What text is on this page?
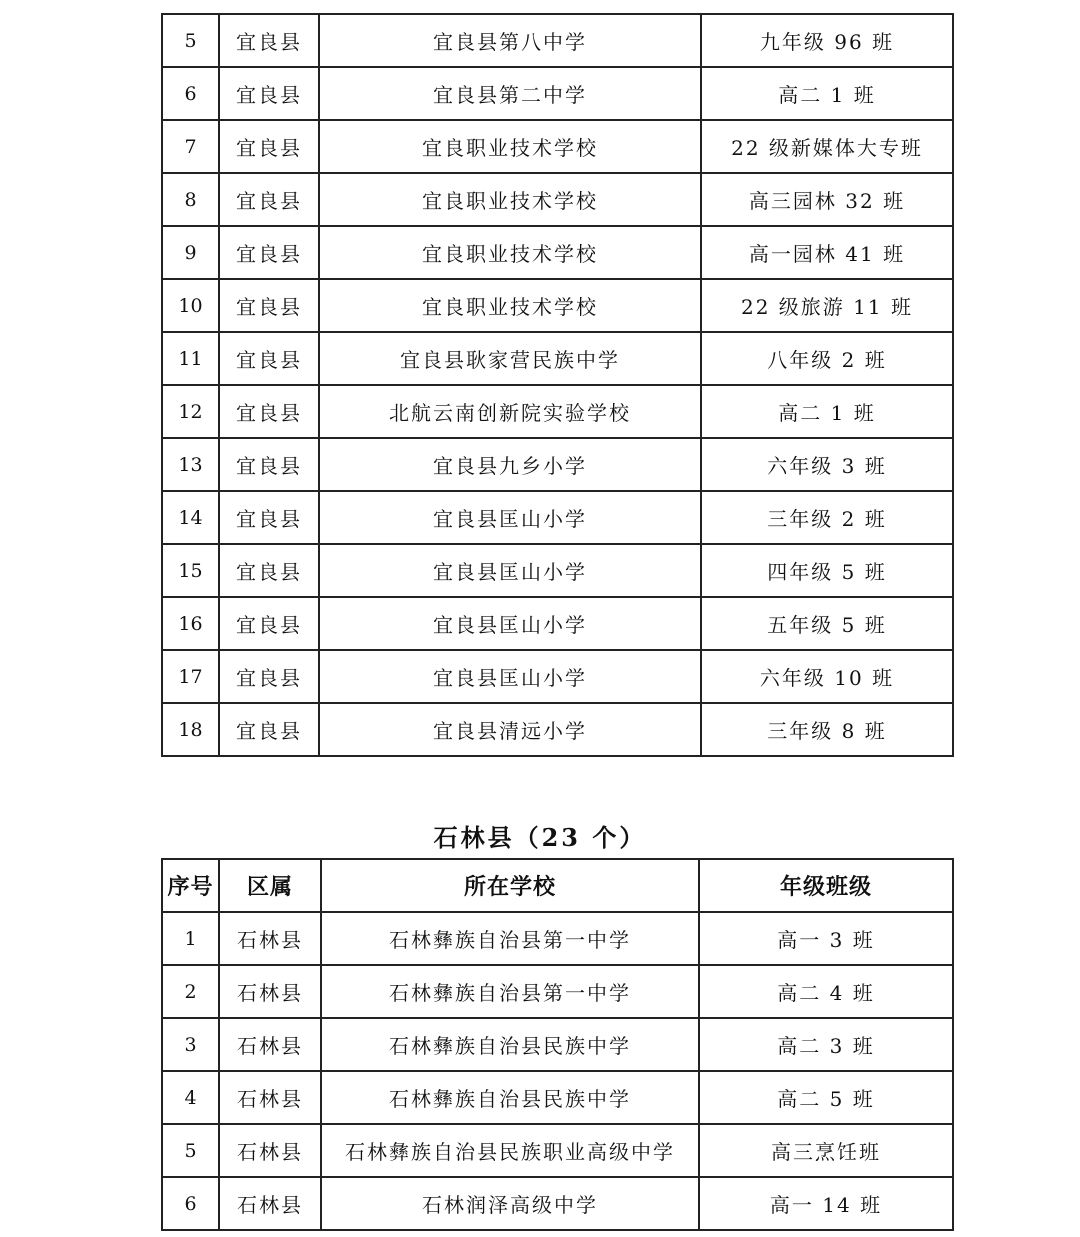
5	宜良县	宜良县第八中学	九年级 96 班
6	宜良县	宜良县第二中学	高二 1 班
7	宜良县	宜良职业技术学校	22 级新媒体大专班
8	宜良县	宜良职业技术学校	高三园林 32 班
9	宜良县	宜良职业技术学校	高一园林 41 班
10	宜良县	宜良职业技术学校	22 级旅游 11 班
11	宜良县	宜良县耿家营民族中学	八年级 2 班
12	宜良县	北航云南创新院实验学校	高二 1 班
13	宜良县	宜良县九乡小学	六年级 3 班
14	宜良县	宜良县匡山小学	三年级 2 班
15	宜良县	宜良县匡山小学	四年级 5 班
16	宜良县	宜良县匡山小学	五年级 5 班
17	宜良县	宜良县匡山小学	六年级 10 班
18	宜良县	宜良县清远小学	三年级 8 班
石林县（23 个）
序号	区属	所在学校	年级班级
1	石林县	石林彝族自治县第一中学	高一 3 班
2	石林县	石林彝族自治县第一中学	高二 4 班
3	石林县	石林彝族自治县民族中学	高二 3 班
4	石林县	石林彝族自治县民族中学	高二 5 班
5	石林县	石林彝族自治县民族职业高级中学	高三烹饪班
6	石林县	石林润泽高级中学	高一 14 班
